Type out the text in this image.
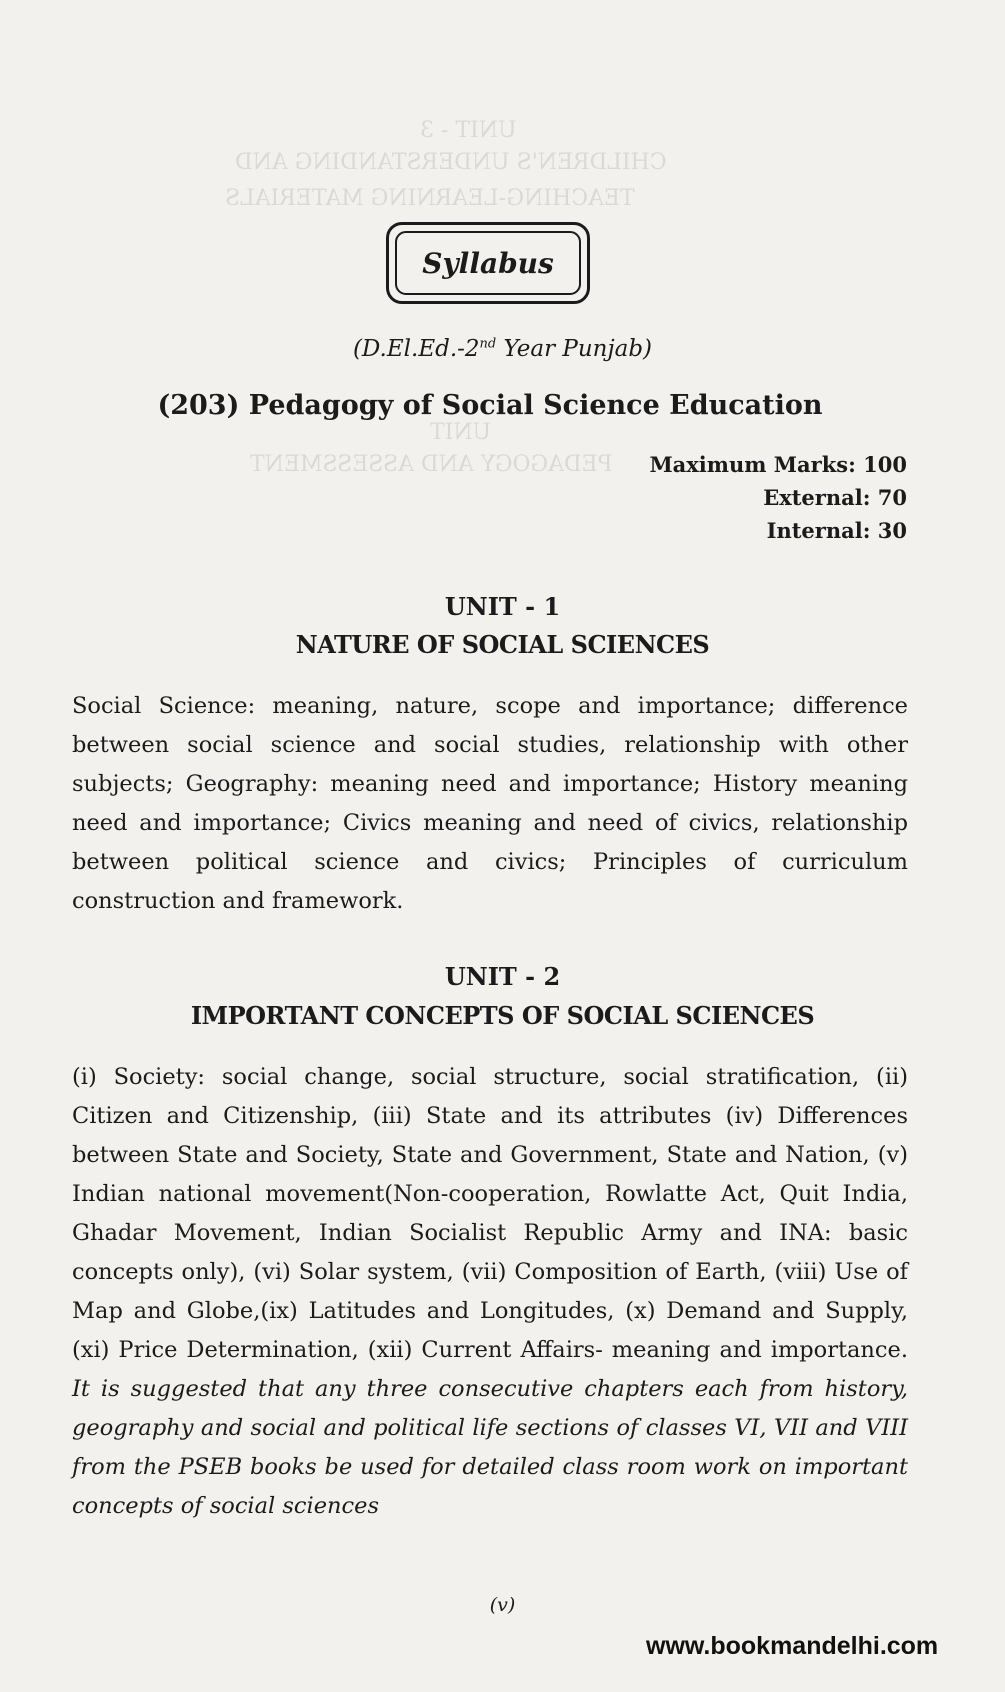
UNIT - 3
CHILDREN'S UNDERSTANDING AND
TEACHING-LEARNING MATERIALS
UNIT
PEDAGOGY AND ASSESSMENT
Syllabus
(D.El.Ed.-2nd Year Punjab)
(203) Pedagogy of Social Science Education
Maximum Marks: 100
External: 70
Internal: 30
UNIT - 1
NATURE OF SOCIAL SCIENCES
Social Science: meaning, nature, scope and importance; difference between social science and social studies, relationship with other subjects; Geography: meaning need and importance; History meaning need and importance; Civics meaning and need of civics, relationship between political science and civics; Principles of curriculum construction and framework.
UNIT - 2
IMPORTANT CONCEPTS OF SOCIAL SCIENCES
(i) Society: social change, social structure, social stratification, (ii) Citizen and Citizenship, (iii) State and its attributes (iv) Differences between State and Society, State and Government, State and Nation, (v) Indian national movement(Non-cooperation, Rowlatte Act, Quit India, Ghadar Movement, Indian Socialist Republic Army and INA: basic concepts only), (vi) Solar system, (vii) Composition of Earth, (viii) Use of Map and Globe,(ix) Latitudes and Longitudes, (x) Demand and Supply, (xi) Price Determination, (xii) Current Affairs- meaning and importance. It is suggested that any three consecutive chapters each from history, geography and social and political life sections of classes VI, VII and VIII from the PSEB books be used for detailed class room work on important concepts of social sciences
(v)
www.bookmandelhi.com
